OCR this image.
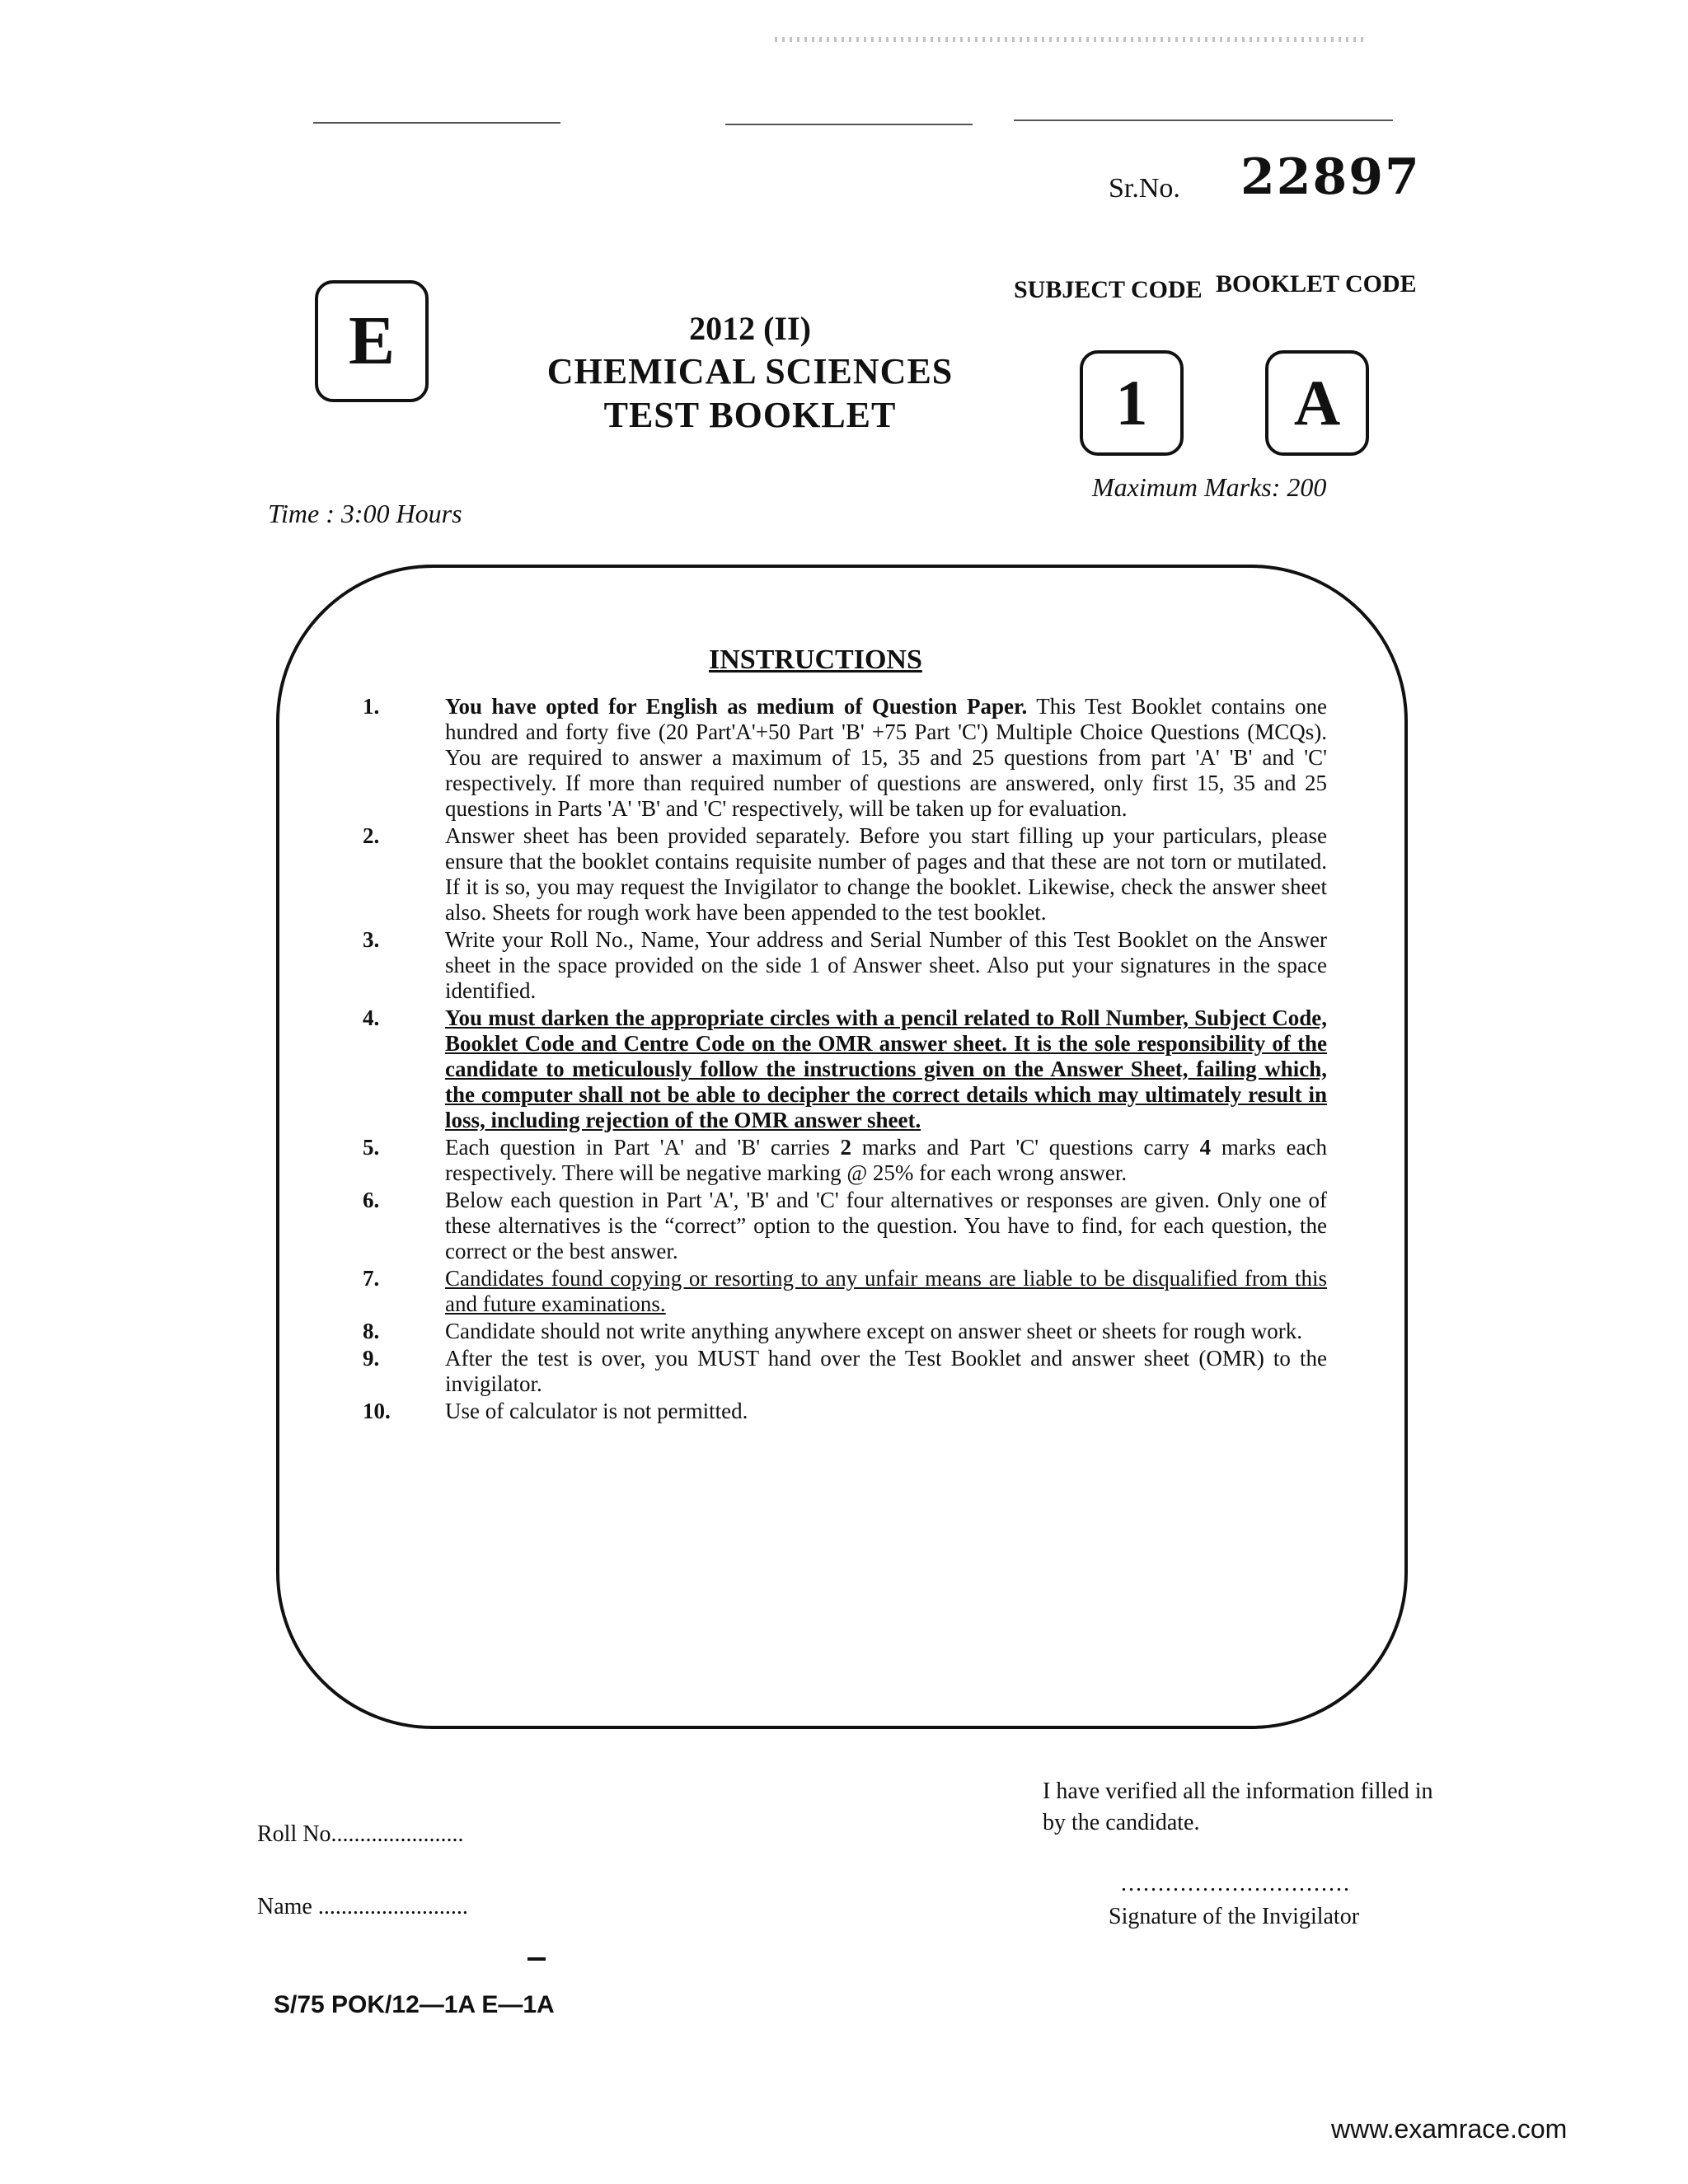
Sr.No. 22897
SUBJECT CODE BOOKLET CODE
E
1	A
2012 (II)
CHEMICAL SCIENCES
TEST BOOKLET
Time : 3:00 Hours
Maximum Marks: 200
INSTRUCTIONS
1.	You have opted for English as medium of Question Paper. This Test Booklet contains one hundred and forty five (20 Part'A'+50 Part 'B' +75 Part 'C') Multiple Choice Questions (MCQs). You are required to answer a maximum of 15, 35 and 25 questions from part 'A' 'B' and 'C' respectively. If more than required number of questions are answered, only first 15, 35 and 25 questions in Parts 'A' 'B' and 'C' respectively, will be taken up for evaluation.
2.	Answer sheet has been provided separately. Before you start filling up your particulars, please ensure that the booklet contains requisite number of pages and that these are not torn or mutilated. If it is so, you may request the Invigilator to change the booklet. Likewise, check the answer sheet also. Sheets for rough work have been appended to the test booklet.
3.	Write your Roll No., Name, Your address and Serial Number of this Test Booklet on the Answer sheet in the space provided on the side 1 of Answer sheet. Also put your signatures in the space identified.
4.	You must darken the appropriate circles with a pencil related to Roll Number, Subject Code, Booklet Code and Centre Code on the OMR answer sheet. It is the sole responsibility of the candidate to meticulously follow the instructions given on the Answer Sheet, failing which, the computer shall not be able to decipher the correct details which may ultimately result in loss, including rejection of the OMR answer sheet.
5.	Each question in Part 'A' and 'B' carries 2 marks and Part 'C' questions carry 4 marks each respectively. There will be negative marking @ 25% for each wrong answer.
6.	Below each question in Part 'A', 'B' and 'C' four alternatives or responses are given. Only one of these alternatives is the “correct” option to the question. You have to find, for each question, the correct or the best answer.
7.	Candidates found copying or resorting to any unfair means are liable to be disqualified from this and future examinations.
8.	Candidate should not write anything anywhere except on answer sheet or sheets for rough work.
9.	After the test is over, you MUST hand over the Test Booklet and answer sheet (OMR) to the invigilator.
10.	Use of calculator is not permitted.
I have verified all the information filled in by the candidate.
Roll No.......................
Name ..........................
...............................
Signature of the Invigilator
S/75 POK/12—1A E—1A
www.examrace.com
